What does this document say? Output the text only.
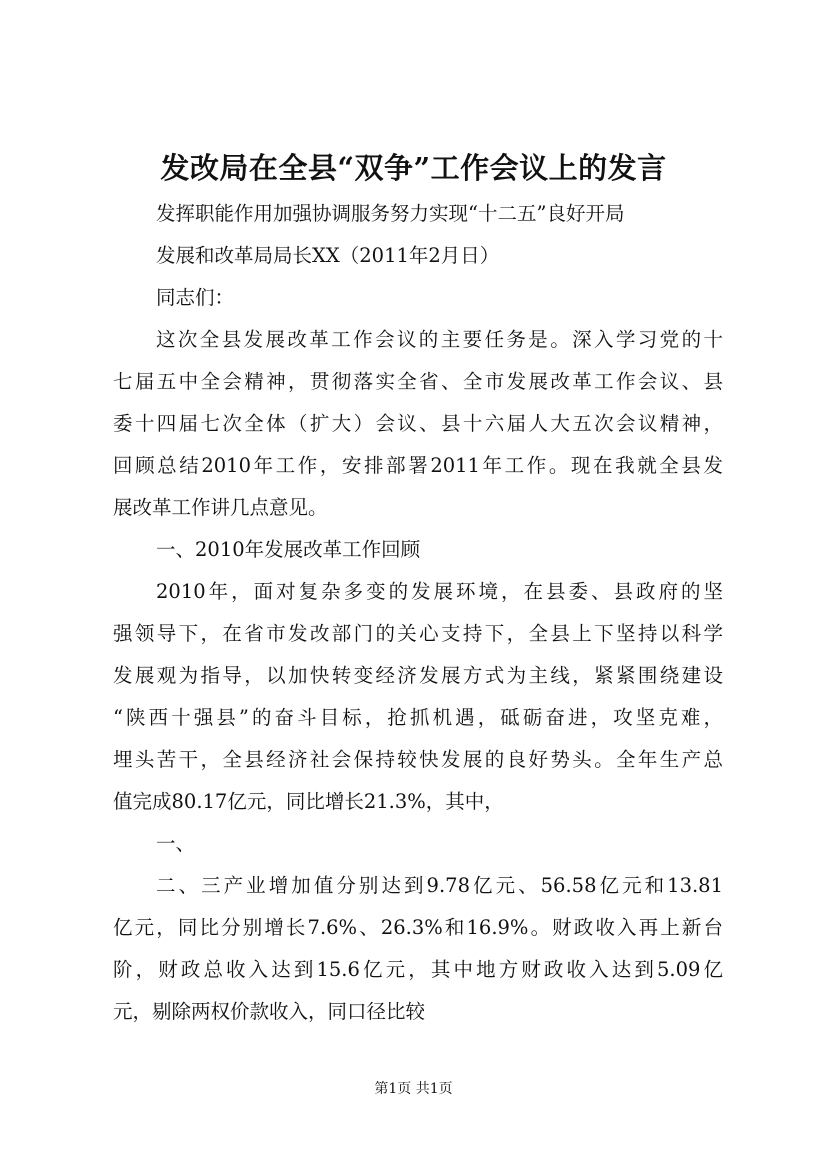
发改局在全县“双争”工作会议上的发言
发挥职能作用加强协调服务努力实现“十二五”良好开局
发展和改革局局长XX（2011年2月日）
同志们：
这次全县发展改革工作会议的主要任务是。深入学习党的十
七届五中全会精神，贯彻落实全省、全市发展改革工作会议、县
委十四届七次全体（扩大）会议、县十六届人大五次会议精神，
回顾总结2010年工作，安排部署2011年工作。现在我就全县发
展改革工作讲几点意见。
一、2010年发展改革工作回顾
2010年，面对复杂多变的发展环境，在县委、县政府的坚
强领导下，在省市发改部门的关心支持下，全县上下坚持以科学
发展观为指导，以加快转变经济发展方式为主线，紧紧围绕建设
“陕西十强县”的奋斗目标，抢抓机遇，砥砺奋进，攻坚克难，
埋头苦干，全县经济社会保持较快发展的良好势头。全年生产总
值完成80.17亿元，同比增长21.3%，其中，
一、
二、三产业增加值分别达到9.78亿元、56.58亿元和13.81
亿元，同比分别增长7.6%、26.3%和16.9%。财政收入再上新台
阶，财政总收入达到15.6亿元，其中地方财政收入达到5.09亿
元，剔除两权价款收入，同口径比较
第1页 共1页
